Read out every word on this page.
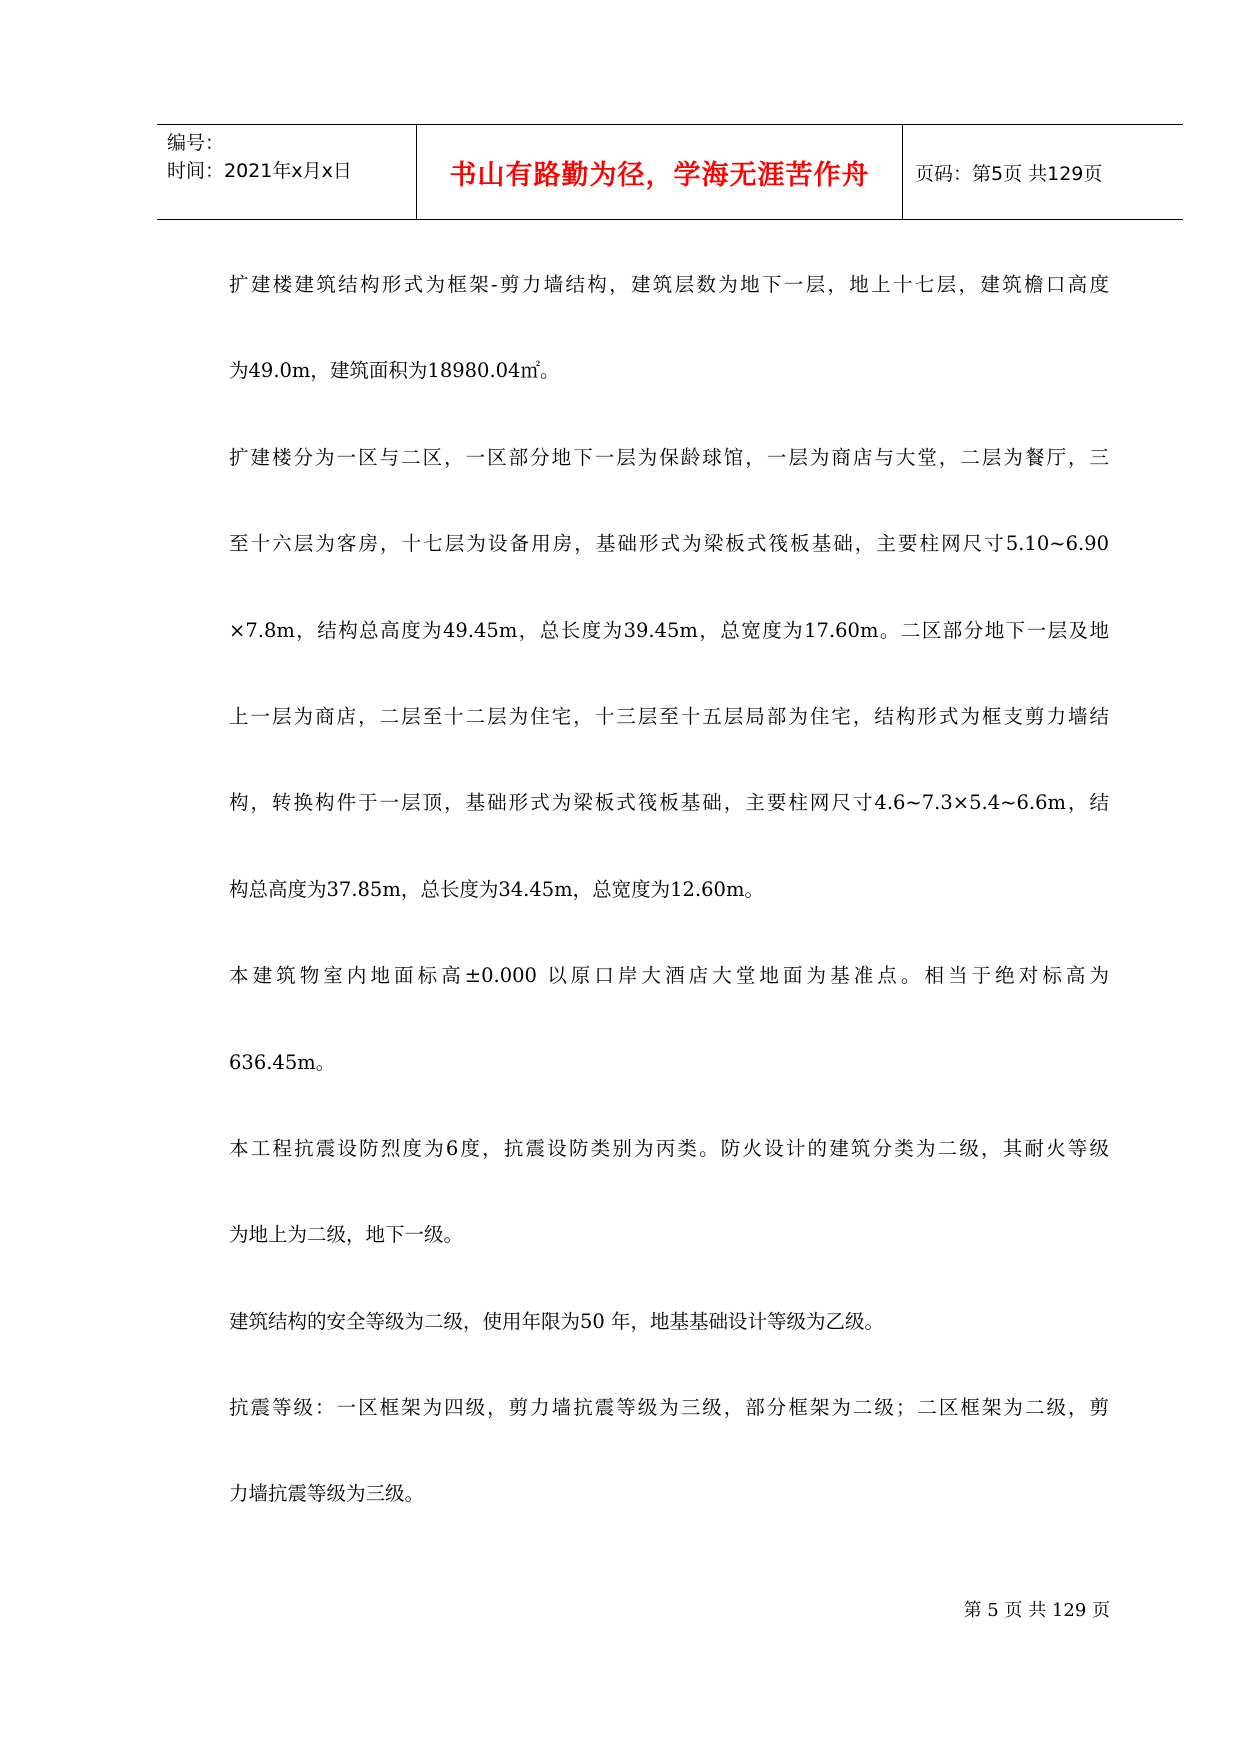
编号：
时间：2021年x月x日	书山有路勤为径，学海无涯苦作舟	页码：第5页 共129页
扩建楼建筑结构形式为框架-剪力墙结构，建筑层数为地下一层，地上十七层，建筑檐口高度
为49.0m，建筑面积为18980.04㎡。
扩建楼分为一区与二区，一区部分地下一层为保龄球馆，一层为商店与大堂，二层为餐厅，三
至十六层为客房，十七层为设备用房，基础形式为梁板式筏板基础，主要柱网尺寸5.10~6.90
×7.8m，结构总高度为49.45m，总长度为39.45m，总宽度为17.60m。二区部分地下一层及地
上一层为商店，二层至十二层为住宅，十三层至十五层局部为住宅，结构形式为框支剪力墙结
构，转换构件于一层顶，基础形式为梁板式筏板基础，主要柱网尺寸4.6~7.3×5.4~6.6m，结
构总高度为37.85m，总长度为34.45m，总宽度为12.60m。
本建筑物室内地面标高±0.000 以原口岸大酒店大堂地面为基准点。相当于绝对标高为
636.45m。
本工程抗震设防烈度为6度，抗震设防类别为丙类。防火设计的建筑分类为二级，其耐火等级
为地上为二级，地下一级。
建筑结构的安全等级为二级，使用年限为50 年，地基基础设计等级为乙级。
抗震等级：一区框架为四级，剪力墙抗震等级为三级，部分框架为二级；二区框架为二级，剪
力墙抗震等级为三级。
第 5 页 共 129 页
